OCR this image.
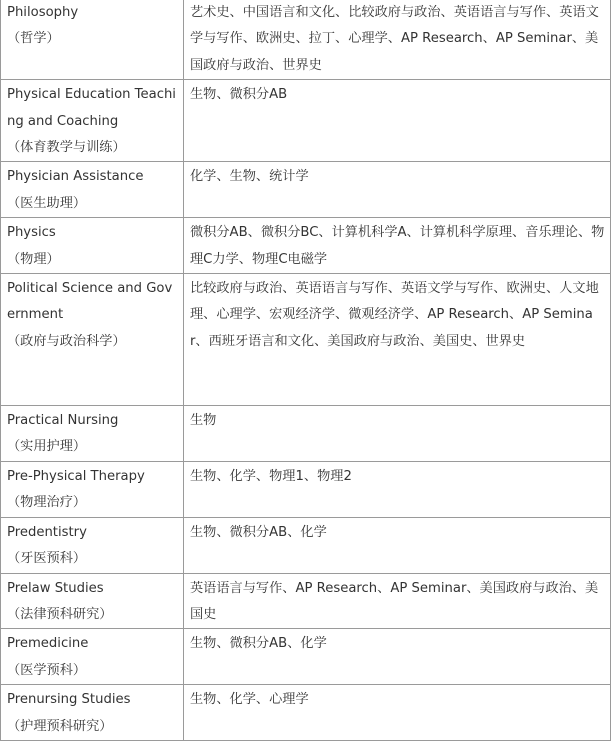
Philosophy
（哲学）	艺术史、中国语言和文化、比较政府与政治、英语语言与写作、英语文学与写作、欧洲史、拉丁、心理学、AP Research、AP Seminar、美国政府与政治、世界史

Physical Education Teaching and Coaching
（体育教学与训练）	生物、微积分AB

Physician Assistance
（医生助理）	化学、生物、统计学

Physics
（物理）	微积分AB、微积分BC、计算机科学A、计算机科学原理、音乐理论、物理C力学、物理C电磁学

Political Science and Government
（政府与政治科学）	比较政府与政治、英语语言与写作、英语文学与写作、欧洲史、人文地理、心理学、宏观经济学、微观经济学、AP Research、AP Seminar、西班牙语言和文化、美国政府与政治、美国史、世界史

Practical Nursing
（实用护理）	生物

Pre-Physical Therapy
（物理治疗）	生物、化学、物理1、物理2

Predentistry
（牙医预科）	生物、微积分AB、化学

Prelaw Studies
（法律预科研究）	英语语言与写作、AP Research、AP Seminar、美国政府与政治、美国史

Premedicine
（医学预科）	生物、微积分AB、化学

Prenursing Studies
（护理预科研究）	生物、化学、心理学
